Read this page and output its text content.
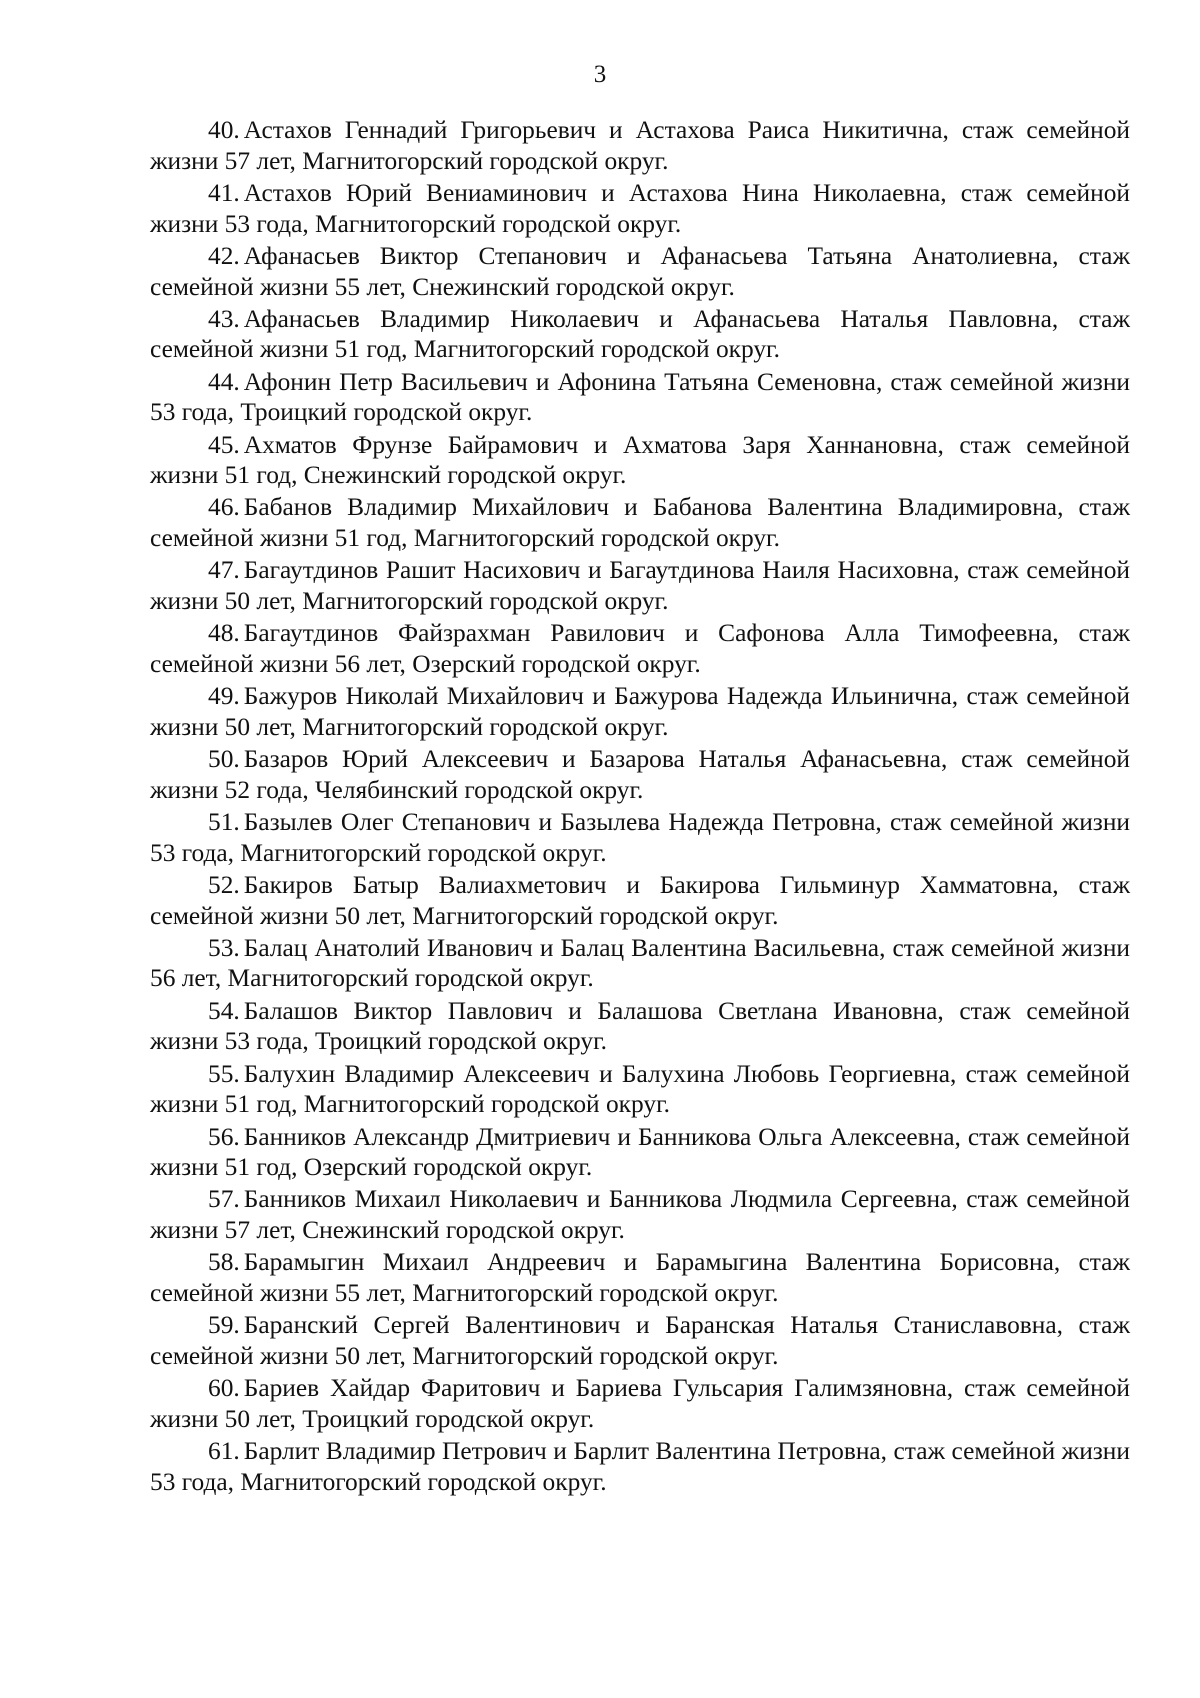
3

40. Астахов Геннадий Григорьевич и Астахова Раиса Никитична, стаж семейной жизни 57 лет, Магнитогорский городской округ.

41. Астахов Юрий Вениаминович и Астахова Нина Николаевна, стаж семейной жизни 53 года, Магнитогорский городской округ.

42. Афанасьев Виктор Степанович и Афанасьева Татьяна Анатолиевна, стаж семейной жизни 55 лет, Снежинский городской округ.

43. Афанасьев Владимир Николаевич и Афанасьева Наталья Павловна, стаж семейной жизни 51 год, Магнитогорский городской округ.

44. Афонин Петр Васильевич и Афонина Татьяна Семеновна, стаж семейной жизни 53 года, Троицкий городской округ.

45. Ахматов Фрунзе Байрамович и Ахматова Заря Ханнановна, стаж семейной жизни 51 год, Снежинский городской округ.

46. Бабанов Владимир Михайлович и Бабанова Валентина Владимировна, стаж семейной жизни 51 год, Магнитогорский городской округ.

47. Багаутдинов Рашит Насихович и Багаутдинова Наиля Насиховна, стаж семейной жизни 50 лет, Магнитогорский городской округ.

48. Багаутдинов Файзрахман Равилович и Сафонова Алла Тимофеевна, стаж семейной жизни 56 лет, Озерский городской округ.

49. Бажуров Николай Михайлович и Бажурова Надежда Ильинична, стаж семейной жизни 50 лет, Магнитогорский городской округ.

50. Базаров Юрий Алексеевич и Базарова Наталья Афанасьевна, стаж семейной жизни 52 года, Челябинский городской округ.

51. Базылев Олег Степанович и Базылева Надежда Петровна, стаж семейной жизни 53 года, Магнитогорский городской округ.

52. Бакиров Батыр Валиахметович и Бакирова Гильминур Хамматовна, стаж семейной жизни 50 лет, Магнитогорский городской округ.

53. Балац Анатолий Иванович и Балац Валентина Васильевна, стаж семейной жизни 56 лет, Магнитогорский городской округ.

54. Балашов Виктор Павлович и Балашова Светлана Ивановна, стаж семейной жизни 53 года, Троицкий городской округ.

55. Балухин Владимир Алексеевич и Балухина Любовь Георгиевна, стаж семейной жизни 51 год, Магнитогорский городской округ.

56. Банников Александр Дмитриевич и Банникова Ольга Алексеевна, стаж семейной жизни 51 год, Озерский городской округ.

57. Банников Михаил Николаевич и Банникова Людмила Сергеевна, стаж семейной жизни 57 лет, Снежинский городской округ.

58. Барамыгин Михаил Андреевич и Барамыгина Валентина Борисовна, стаж семейной жизни 55 лет, Магнитогорский городской округ.

59. Баранский Сергей Валентинович и Баранская Наталья Станиславовна, стаж семейной жизни 50 лет, Магнитогорский городской округ.

60. Бариев Хайдар Фаритович и Бариева Гульсария Галимзяновна, стаж семейной жизни 50 лет, Троицкий городской округ.

61. Барлит Владимир Петрович и Барлит Валентина Петровна, стаж семейной жизни 53 года, Магнитогорский городской округ.
